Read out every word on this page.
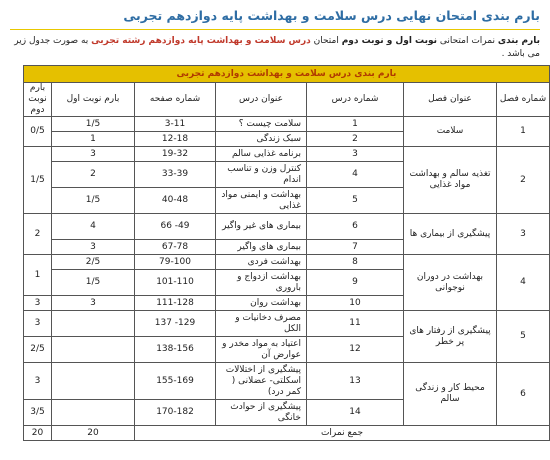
بارم بندی امتحان نهایی درس سلامت و بهداشت پایه دوازدهم تجربی
بارم بندی نمرات امتحانی نوبت اول و نوبت دوم امتحان درس سلامت و بهداشت پایه دوازدهم رشته تجربی به صورت جدول زیر می باشد .
بارم بندی درس سلامت و بهداشت دوازدهم تجربی						
شماره فصل	عنوان فصل	شماره درس	عنوان درس	شماره صفحه	بارم نوبت اول	بارم نوبت دوم
1	سلامت	1	سلامت چیست ؟	3-11	1/5	0/5
		2	سبک زندگی	12-18	1	
2	تغذیه سالم و بهداشت مواد غذایی	3	برنامه غذایی سالم	19-32	3	1/5
		4	کنترل وزن و تناسب اندام	33-39	2	
		5	بهداشت و ایمنی مواد غذایی	40-48	1/5	
3	پیشگیری از بیماری ها	6	بیماری های غیر واگیر	49- 66	4	2
		7	بیماری های واگیر	67-78	3	
4	بهداشت در دوران نوجوانی	8	بهداشت فردی	79-100	2/5	1
		9	بهداشت ازدواج و باروری	101-110	1/5	
		10	بهداشت روان	111-128	3	3
5	پیشگیری از رفتار های پر خطر	11	مصرف دخانیات و الکل	129- 137		3
		12	اعتیاد به مواد مخدر و عوارض آن	138-156		2/5
6	محیط کار و زندگی سالم	13	پیشگیری از اختلالات اسکلتی- عضلانی ( کمر درد)	155-169		3
		14	پیشگیری از حوادث خانگی	170-182		3/5
جمع نمرات					20	20
